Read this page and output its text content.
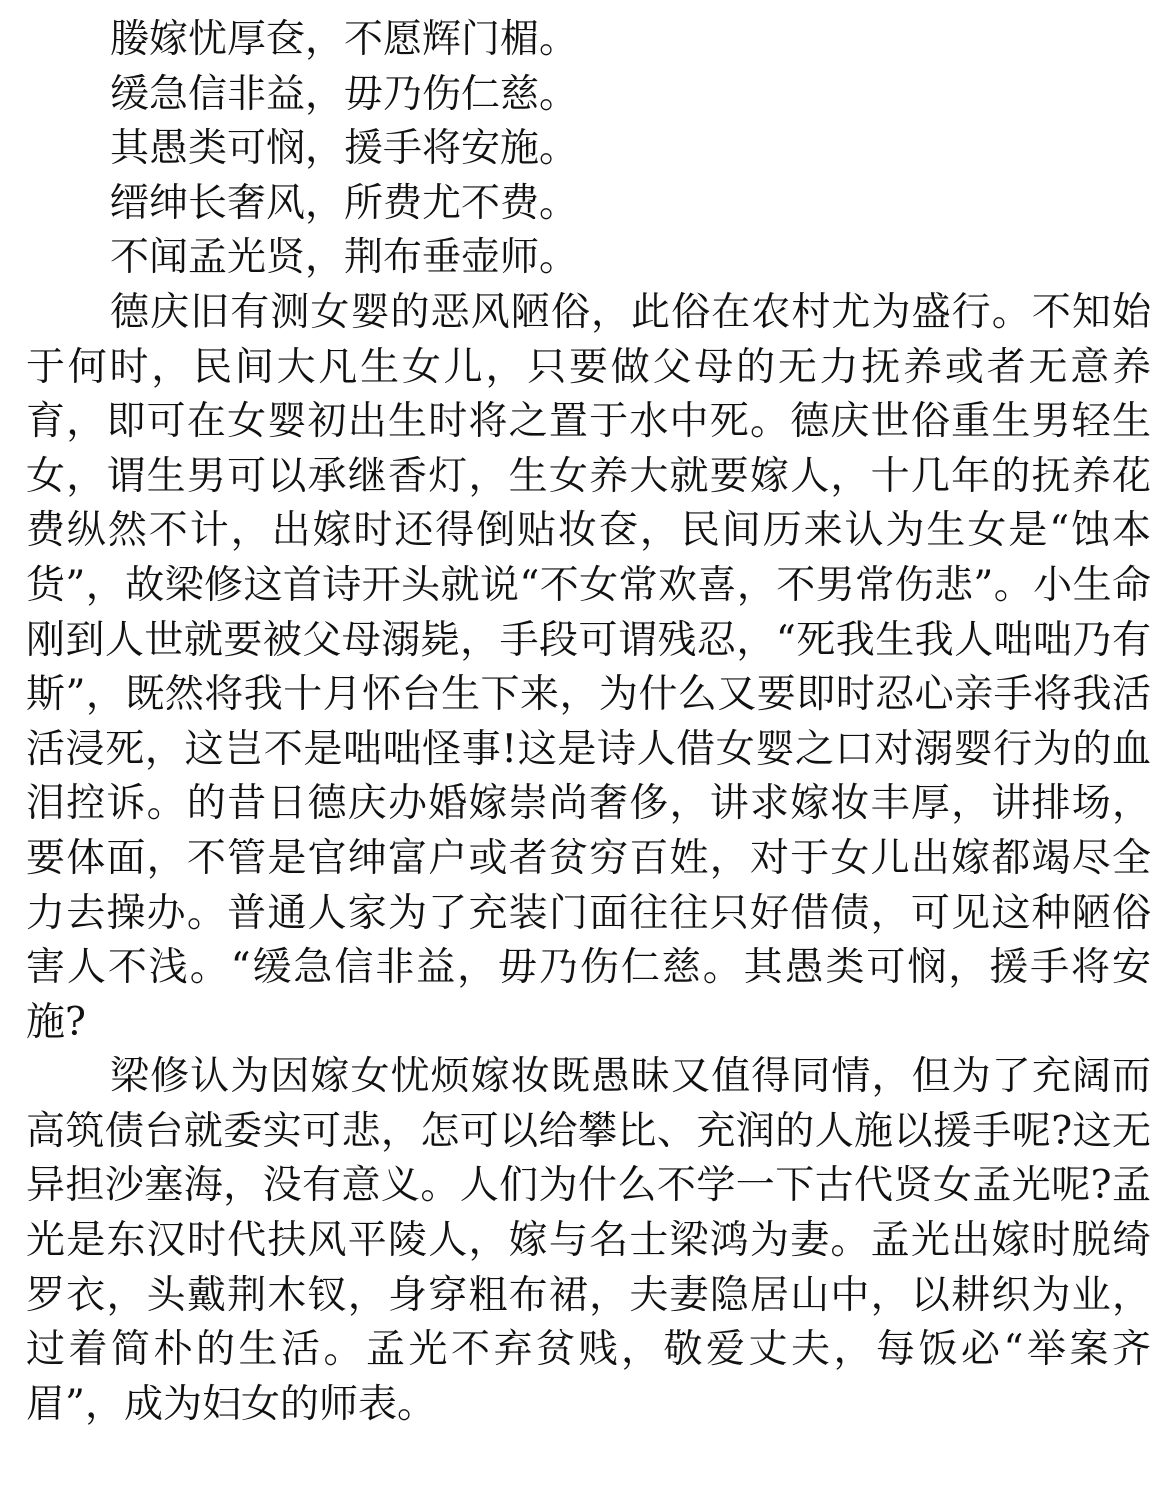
媵嫁忧厚奁，不愿辉门楣。

缓急信非益，毋乃伤仁慈。

其愚类可悯，援手将安施。

缙绅长奢风，所费尤不费。

不闻孟光贤，荆布垂壶师。

德庆旧有测女婴的恶风陋俗，此俗在农村尤为盛行。不知始于何时，民间大凡生女儿，只要做父母的无力抚养或者无意养育，即可在女婴初出生时将之置于水中死。德庆世俗重生男轻生女，谓生男可以承继香灯，生女养大就要嫁人，十几年的抚养花费纵然不计，出嫁时还得倒贴妆奁，民间历来认为生女是“蚀本货”，故梁修这首诗开头就说“不女常欢喜，不男常伤悲”。小生命刚到人世就要被父母溺毙，手段可谓残忍，“死我生我人咄咄乃有斯”，既然将我十月怀台生下来，为什么又要即时忍心亲手将我活活浸死，这岂不是咄咄怪事!这是诗人借女婴之口对溺婴行为的血泪控诉。的昔日德庆办婚嫁崇尚奢侈，讲求嫁妆丰厚，讲排场，要体面，不管是官绅富户或者贫穷百姓，对于女儿出嫁都竭尽全力去操办。普通人家为了充装门面往往只好借债，可见这种陋俗害人不浅。“缓急信非益，毋乃伤仁慈。其愚类可悯，援手将安施?

梁修认为因嫁女忧烦嫁妆既愚昧又值得同情，但为了充阔而高筑债台就委实可悲，怎可以给攀比、充润的人施以援手呢?这无异担沙塞海，没有意义。人们为什么不学一下古代贤女孟光呢?孟光是东汉时代扶风平陵人，嫁与名士梁鸿为妻。孟光出嫁时脱绮罗衣，头戴荆木钗，身穿粗布裙，夫妻隐居山中，以耕织为业，过着简朴的生活。孟光不弃贫贱，敬爱丈夫，每饭必“举案齐眉”，成为妇女的师表。
